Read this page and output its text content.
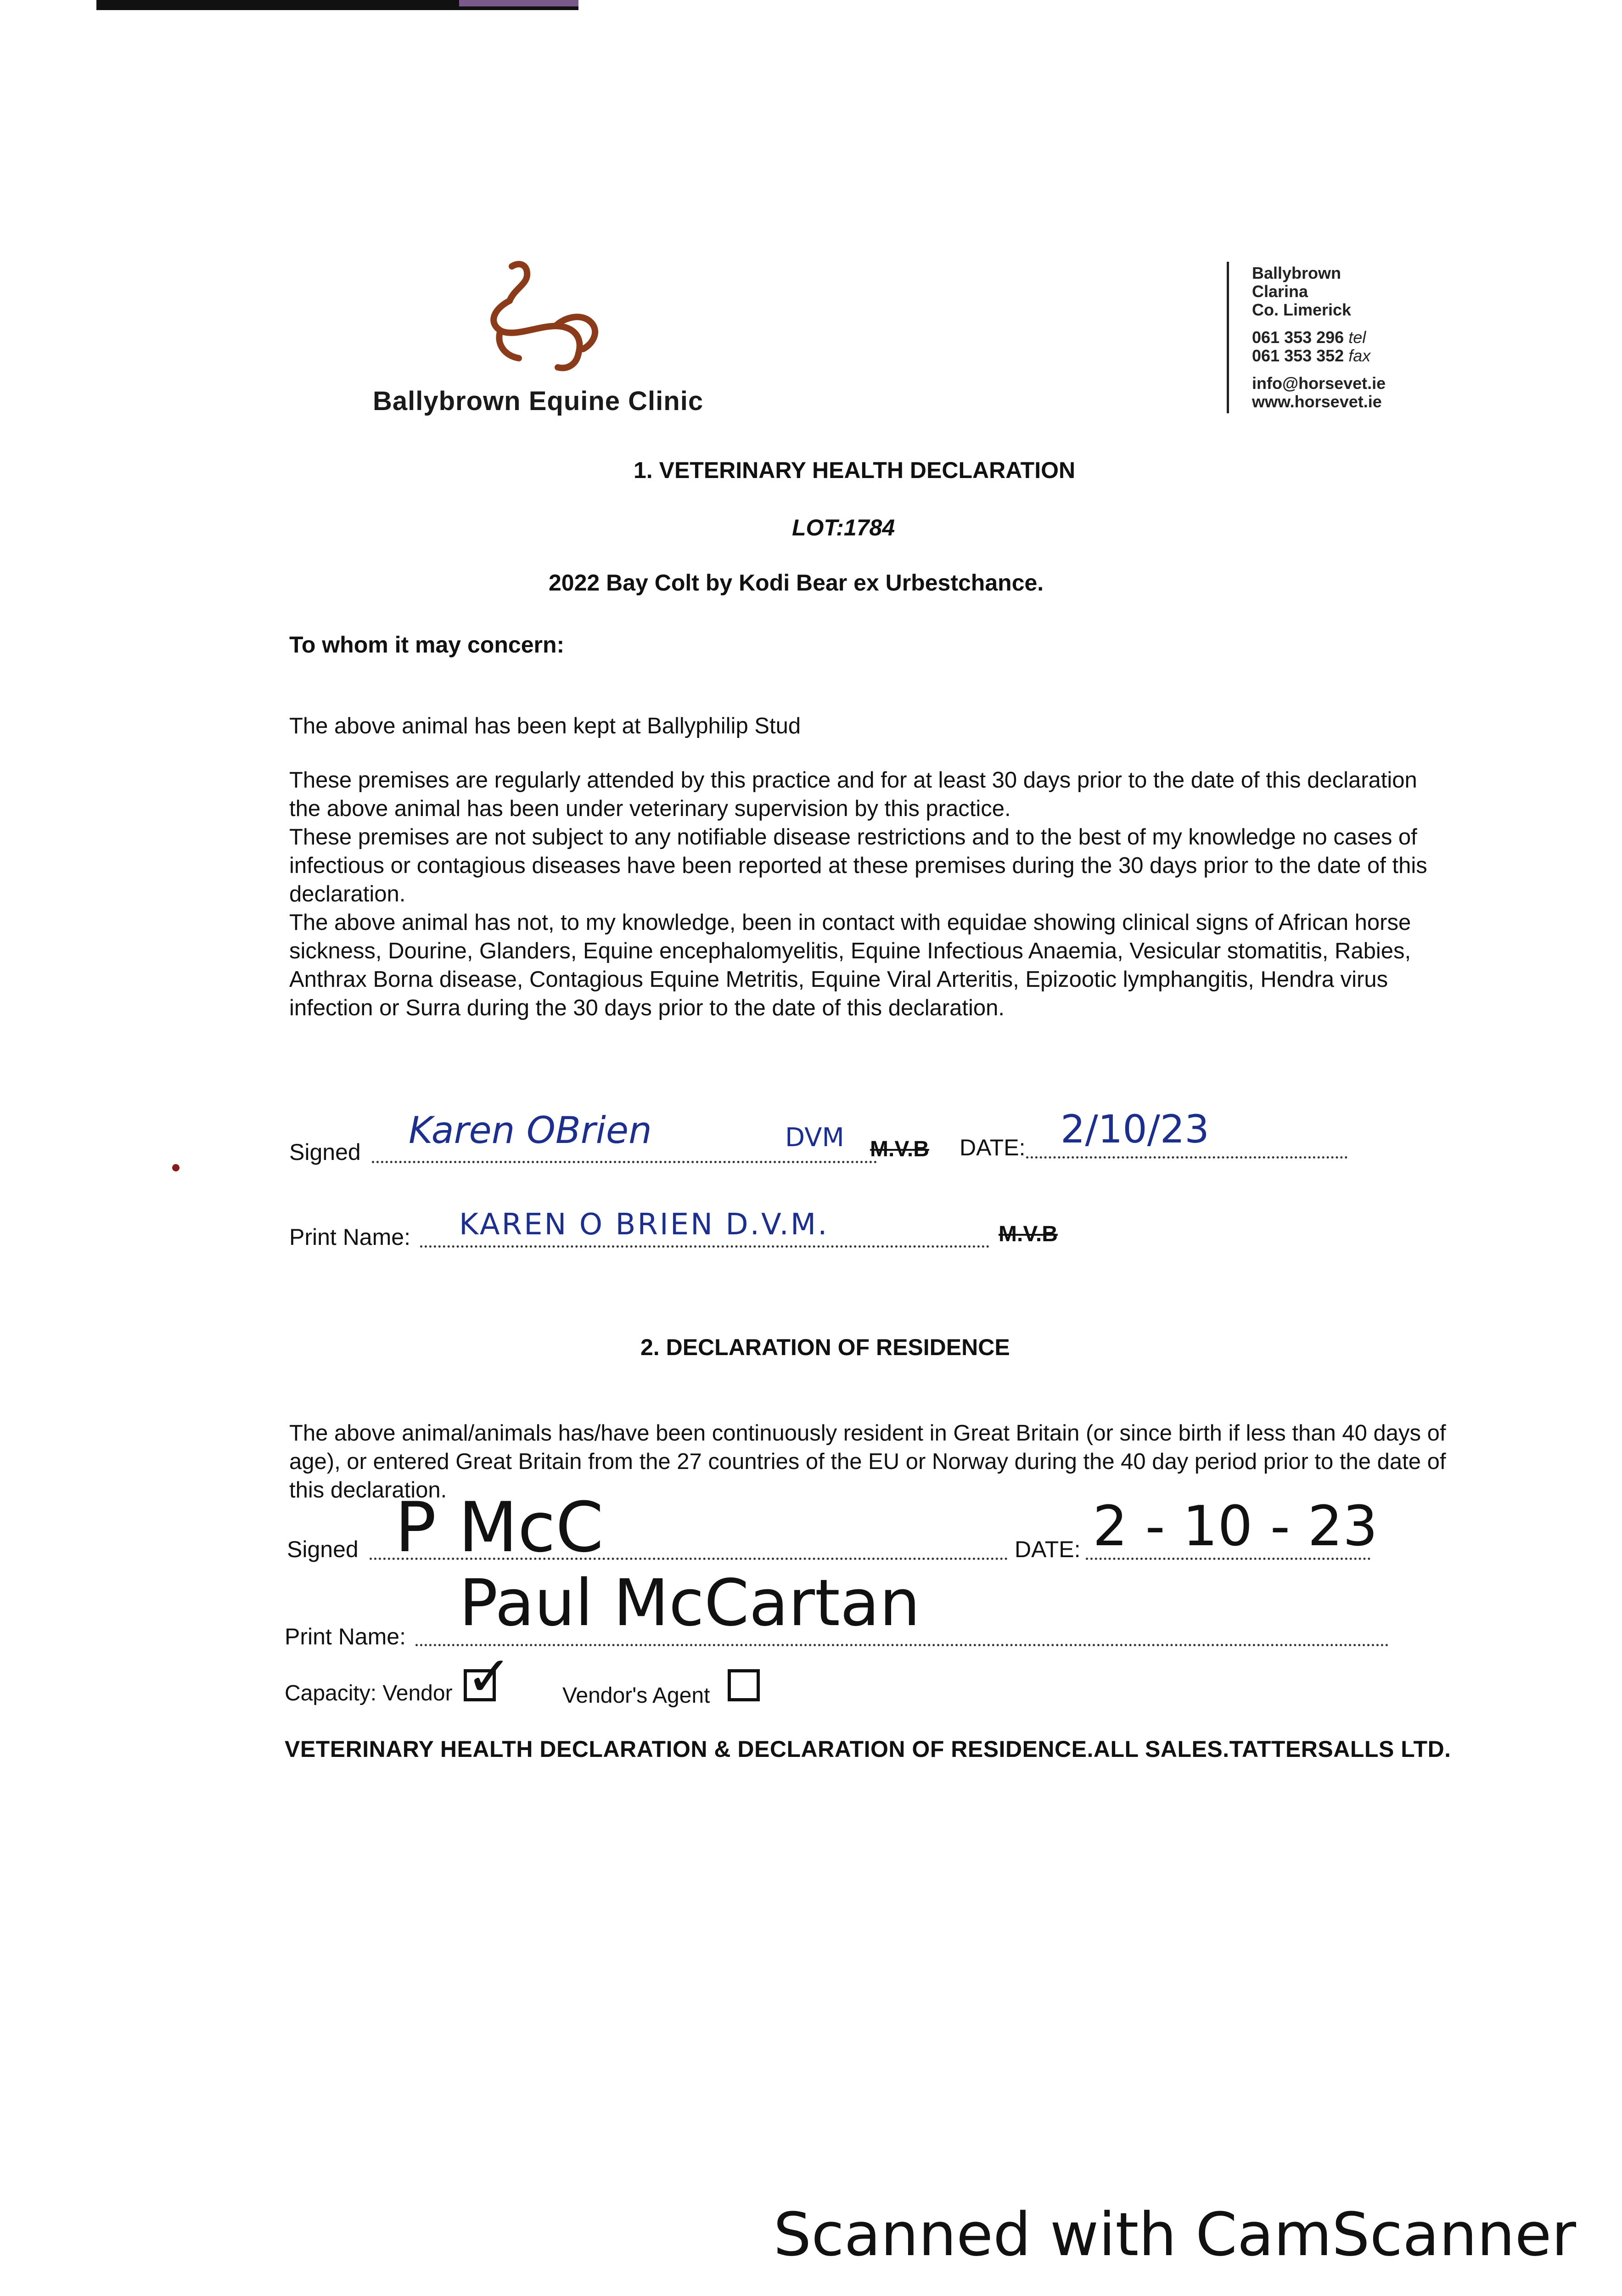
Ballybrown Equine Clinic
Ballybrown
Clarina
Co. Limerick
061 353 296 tel
061 353 352 fax
info@horsevet.ie
www.horsevet.ie
1. VETERINARY HEALTH DECLARATION
LOT:1784
2022 Bay Colt by Kodi Bear ex Urbestchance.
To whom it may concern:
The above animal has been kept at Ballyphilip Stud

These premises are regularly attended by this practice and for at least 30 days prior to the date of this declaration the above animal has been under veterinary supervision by this practice.

These premises are not subject to any notifiable disease restrictions and to the best of my knowledge no cases of infectious or contagious diseases have been reported at these premises during the 30 days prior to the date of this declaration.

The above animal has not, to my knowledge, been in contact with equidae showing clinical signs of African horse sickness, Dourine, Glanders, Equine encephalomyelitis, Equine Infectious Anaemia, Vesicular stomatitis, Rabies, Anthrax Borna disease, Contagious Equine Metritis, Equine Viral Arteritis, Epizootic lymphangitis, Hendra virus infection or Surra during the 30 days prior to the date of this declaration.

Signed
Karen OBrien	DVM M.V.B DATE: 2/10/23
Print Name: KAREN O BRIEN D.V.M.	M.V.B
2. DECLARATION OF RESIDENCE
The above animal/animals has/have been continuously resident in Great Britain (or since birth if less than 40 days of age), or entered Great Britain from the 27 countries of the EU or Norway during the 40 day period prior to the date of this declaration.
Signed P McC	DATE: 2 - 10 - 23
Print Name: Paul McCartan
Capacity: Vendor ✓ Vendor's Agent
VETERINARY HEALTH DECLARATION & DECLARATION OF RESIDENCE.ALL SALES.TATTERSALLS LTD.
Scanned with CamScanner
